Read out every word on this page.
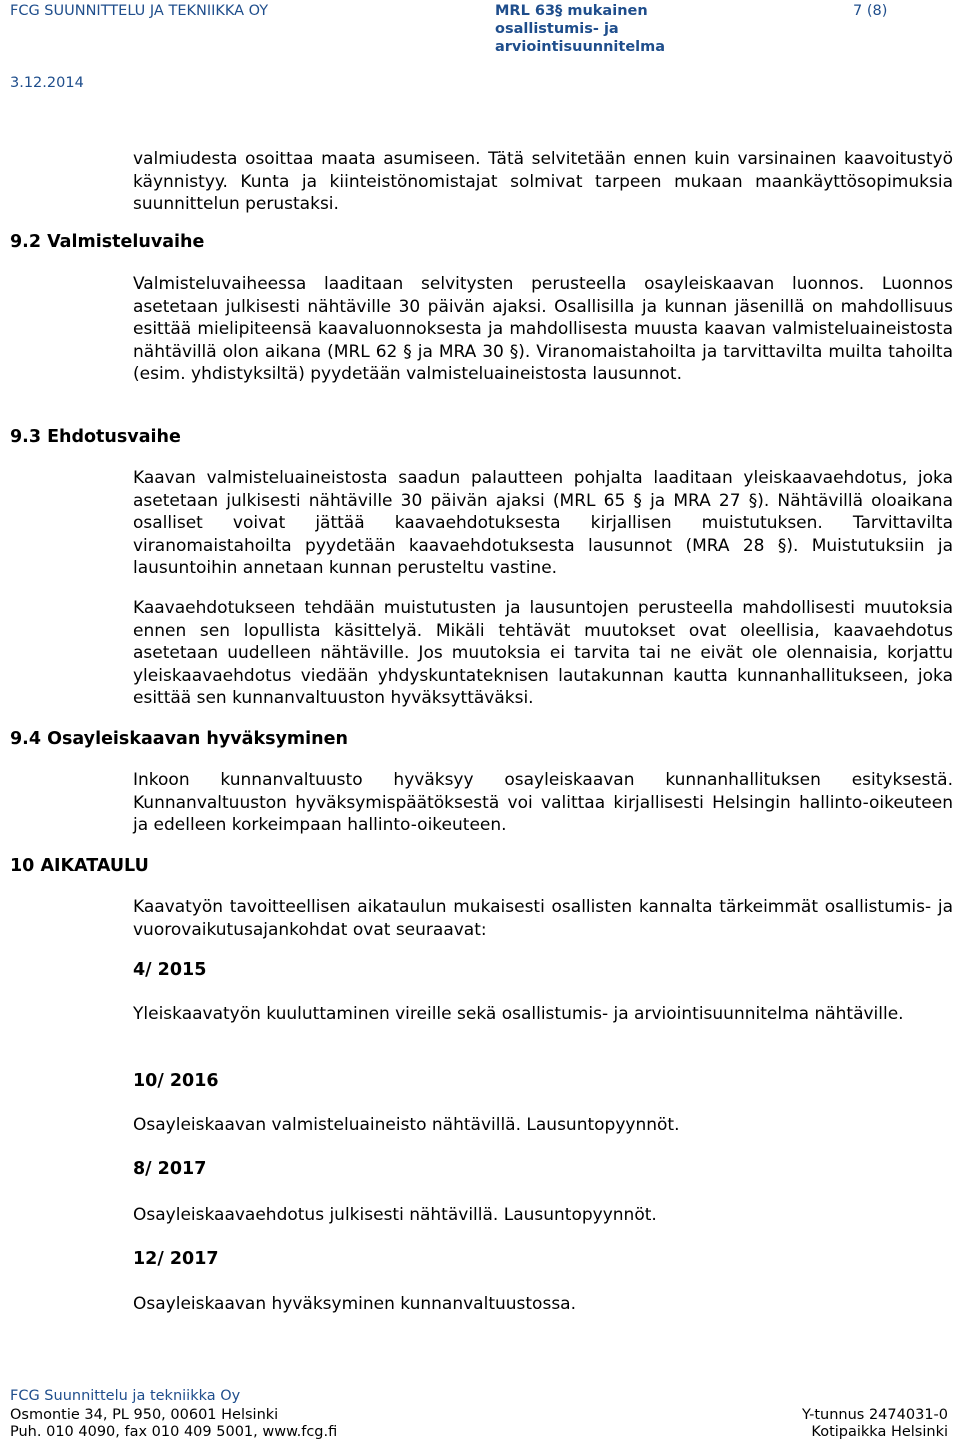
FCG SUUNNITTELU JA TEKNIIKKA OY	MRL 63§ mukainen
osallistumis- ja
arviointisuunnitelma
7 (8)
3.12.2014
valmiudesta osoittaa maata asumiseen. Tätä selvitetään ennen kuin varsinainen kaavoitustyö käynnistyy. Kunta ja kiinteistönomistajat solmivat tarpeen mukaan maankäyttösopimuksia suunnittelun perustaksi.
9.2 Valmisteluvaihe
Valmisteluvaiheessa laaditaan selvitysten perusteella osayleiskaavan luonnos. Luonnos asetetaan julkisesti nähtäville 30 päivän ajaksi. Osallisilla ja kunnan jäsenillä on mahdollisuus esittää mielipiteensä kaavaluonnoksesta ja mahdollisesta muusta kaavan valmisteluaineistosta nähtävillä olon aikana (MRL 62 § ja MRA 30 §). Viranomaistahoilta ja tarvittavilta muilta tahoilta (esim. yhdistyksiltä) pyydetään valmisteluaineistosta lausunnot.
9.3 Ehdotusvaihe
Kaavan valmisteluaineistosta saadun palautteen pohjalta laaditaan yleiskaavaehdotus, joka asetetaan julkisesti nähtäville 30 päivän ajaksi (MRL 65 § ja MRA 27 §). Nähtävillä oloaikana osalliset voivat jättää kaavaehdotuksesta kirjallisen muistutuksen. Tarvittavilta viranomaistahoilta pyydetään kaavaehdotuksesta lausunnot (MRA 28 §). Muistutuksiin ja lausuntoihin annetaan kunnan perusteltu vastine.
Kaavaehdotukseen tehdään muistutusten ja lausuntojen perusteella mahdollisesti muutoksia ennen sen lopullista käsittelyä. Mikäli tehtävät muutokset ovat oleellisia, kaavaehdotus asetetaan uudelleen nähtäville. Jos muutoksia ei tarvita tai ne eivät ole olennaisia, korjattu yleiskaavaehdotus viedään yhdyskuntateknisen lautakunnan kautta kunnanhallitukseen, joka esittää sen kunnanvaltuuston hyväksyttäväksi.
9.4 Osayleiskaavan hyväksyminen
Inkoon kunnanvaltuusto hyväksyy osayleiskaavan kunnanhallituksen esityksestä. Kunnanvaltuuston hyväksymispäätöksestä voi valittaa kirjallisesti Helsingin hallinto-oikeuteen ja edelleen korkeimpaan hallinto-oikeuteen.
10 AIKATAULU
Kaavatyön tavoitteellisen aikataulun mukaisesti osallisten kannalta tärkeimmät osallistumis- ja vuorovaikutusajankohdat ovat seuraavat:
4/ 2015
Yleiskaavatyön kuuluttaminen vireille sekä osallistumis- ja arviointisuunnitelma nähtäville.
10/ 2016
Osayleiskaavan valmisteluaineisto nähtävillä. Lausuntopyynnöt.
8/ 2017
Osayleiskaavaehdotus julkisesti nähtävillä. Lausuntopyynnöt.
12/ 2017
Osayleiskaavan hyväksyminen kunnanvaltuustossa.
FCG Suunnittelu ja tekniikka Oy
Osmontie 34, PL 950, 00601 Helsinki
Puh. 010 4090, fax 010 409 5001, www.fcg.fi
Y-tunnus 2474031-0
Kotipaikka Helsinki
